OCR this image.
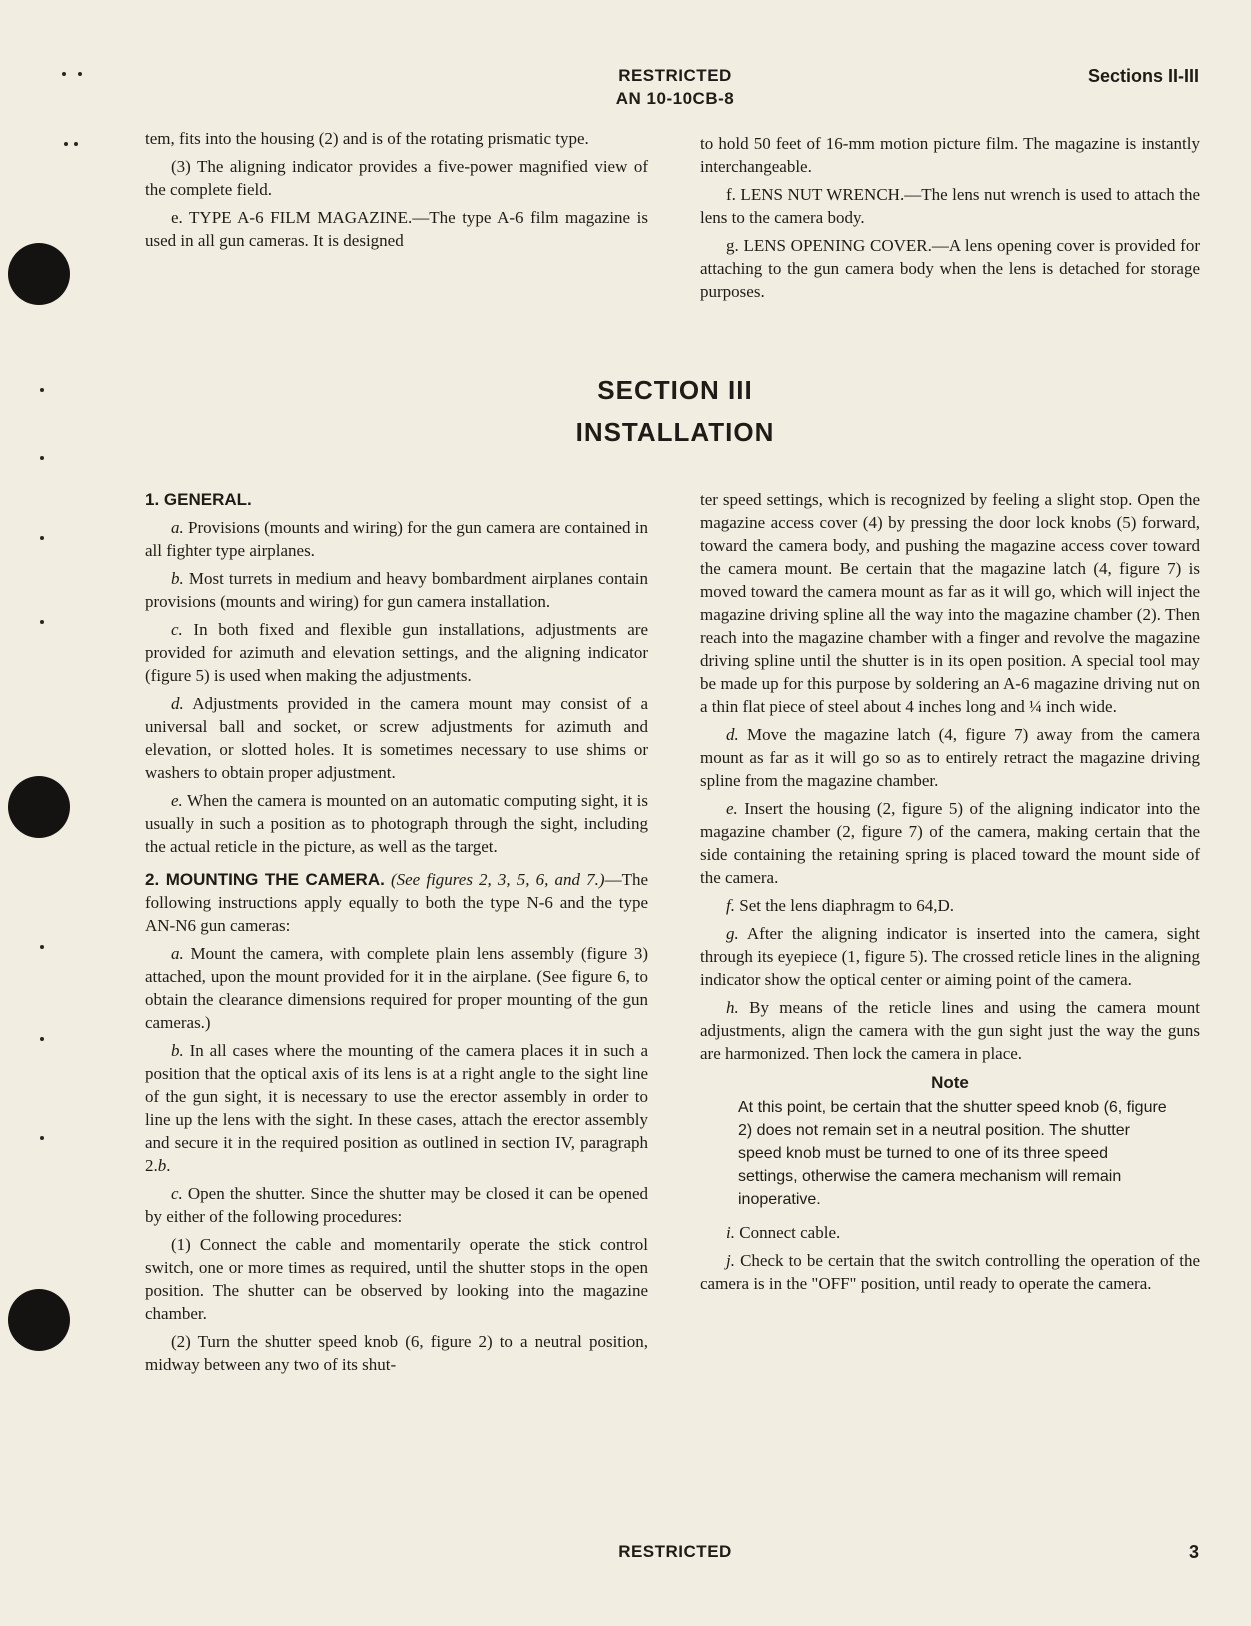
RESTRICTED
AN 10-10CB-8
Sections II-III

tem, fits into the housing (2) and is of the rotating prismatic type.

(3) The aligning indicator provides a five-power magnified view of the complete field.

e. TYPE A-6 FILM MAGAZINE.—The type A-6 film magazine is used in all gun cameras. It is designed

to hold 50 feet of 16-mm motion picture film. The magazine is instantly interchangeable.

f. LENS NUT WRENCH.—The lens nut wrench is used to attach the lens to the camera body.

g. LENS OPENING COVER.—A lens opening cover is provided for attaching to the gun camera body when the lens is detached for storage purposes.

SECTION III
INSTALLATION

1. GENERAL.

a. Provisions (mounts and wiring) for the gun camera are contained in all fighter type airplanes.

b. Most turrets in medium and heavy bombardment airplanes contain provisions (mounts and wiring) for gun camera installation.

c. In both fixed and flexible gun installations, adjustments are provided for azimuth and elevation settings, and the aligning indicator (figure 5) is used when making the adjustments.

d. Adjustments provided in the camera mount may consist of a universal ball and socket, or screw adjustments for azimuth and elevation, or slotted holes. It is sometimes necessary to use shims or washers to obtain proper adjustment.

e. When the camera is mounted on an automatic computing sight, it is usually in such a position as to photograph through the sight, including the actual reticle in the picture, as well as the target.

2. MOUNTING THE CAMERA. (See figures 2, 3, 5, 6, and 7.)—The following instructions apply equally to both the type N-6 and the type AN-N6 gun cameras:

a. Mount the camera, with complete plain lens assembly (figure 3) attached, upon the mount provided for it in the airplane. (See figure 6, to obtain the clearance dimensions required for proper mounting of the gun cameras.)

b. In all cases where the mounting of the camera places it in such a position that the optical axis of its lens is at a right angle to the sight line of the gun sight, it is necessary to use the erector assembly in order to line up the lens with the sight. In these cases, attach the erector assembly and secure it in the required position as outlined in section IV, paragraph 2.b.

c. Open the shutter. Since the shutter may be closed it can be opened by either of the following procedures:

(1) Connect the cable and momentarily operate the stick control switch, one or more times as required, until the shutter stops in the open position. The shutter can be observed by looking into the magazine chamber.

(2) Turn the shutter speed knob (6, figure 2) to a neutral position, midway between any two of its shut-

ter speed settings, which is recognized by feeling a slight stop. Open the magazine access cover (4) by pressing the door lock knobs (5) forward, toward the camera body, and pushing the magazine access cover toward the camera mount. Be certain that the magazine latch (4, figure 7) is moved toward the camera mount as far as it will go, which will inject the magazine driving spline all the way into the magazine chamber (2). Then reach into the magazine chamber with a finger and revolve the magazine driving spline until the shutter is in its open position. A special tool may be made up for this purpose by soldering an A-6 magazine driving nut on a thin flat piece of steel about 4 inches long and ¼ inch wide.

d. Move the magazine latch (4, figure 7) away from the camera mount as far as it will go so as to entirely retract the magazine driving spline from the magazine chamber.

e. Insert the housing (2, figure 5) of the aligning indicator into the magazine chamber (2, figure 7) of the camera, making certain that the side containing the retaining spring is placed toward the mount side of the camera.

f. Set the lens diaphragm to 64,D.

g. After the aligning indicator is inserted into the camera, sight through its eyepiece (1, figure 5). The crossed reticle lines in the aligning indicator show the optical center or aiming point of the camera.

h. By means of the reticle lines and using the camera mount adjustments, align the camera with the gun sight just the way the guns are harmonized. Then lock the camera in place.

Note
At this point, be certain that the shutter speed knob (6, figure 2) does not remain set in a neutral position. The shutter speed knob must be turned to one of its three speed settings, otherwise the camera mechanism will remain inoperative.

i. Connect cable.

j. Check to be certain that the switch controlling the operation of the camera is in the "OFF" position, until ready to operate the camera.

RESTRICTED	3
